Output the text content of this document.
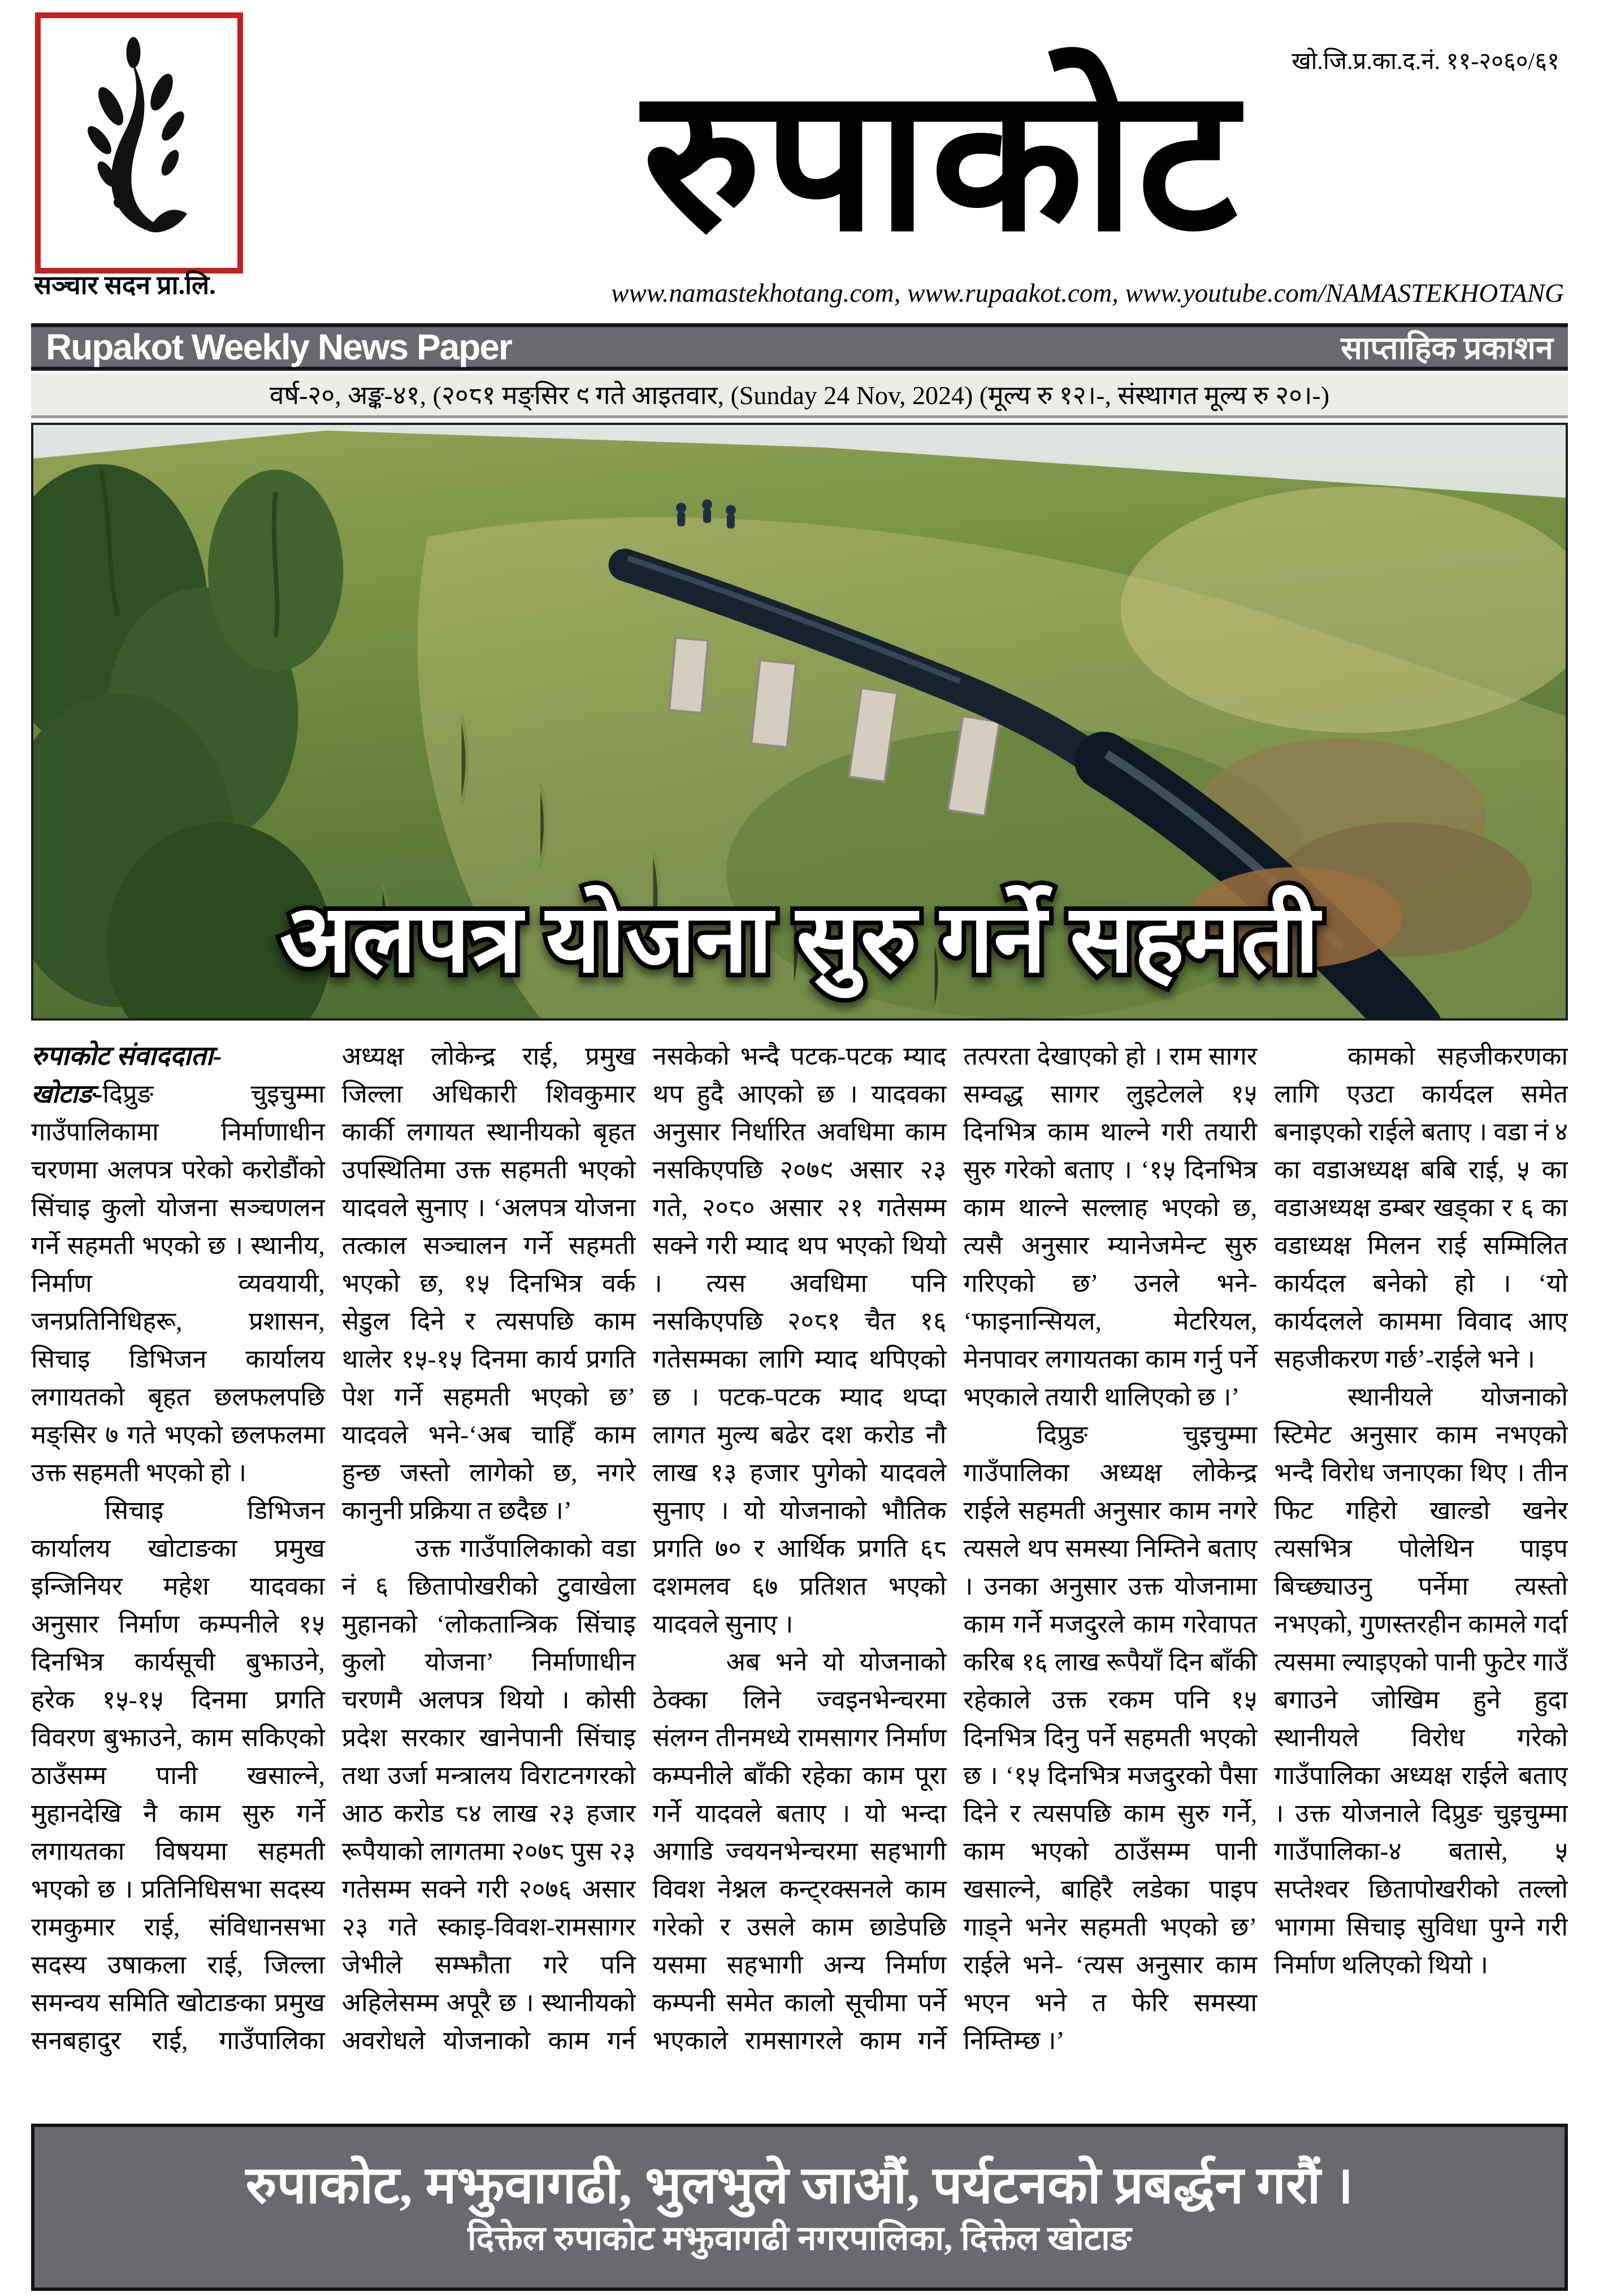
सञ्चार सदन प्रा.लि.
खो.जि.प्र.का.द.नं. ११-२०६०/६१
रुपाकोट
www.namastekhotang.com, www.rupaakot.com, www.youtube.com/NAMASTEKHOTANG
Rupakot Weekly News Paper	साप्ताहिक प्रकाशन
वर्ष-२०, अङ्क-४१, (२०८१ मङ्सिर ९ गते आइतवार, (Sunday 24 Nov, 2024) (मूल्य रु १२।-, संस्थागत मूल्य रु २०।-)
अलपत्र योजना सुरु गर्ने सहमती

रुपाकोट संवाददाता-

खोटाङ-दिप्रुङ चुइचुम्मा गाउँपालिकामा निर्माणाधीन चरणमा अलपत्र परेको करोडौंको सिंचाइ कुलो योजना सञ्चणलन गर्ने सहमती भएको छ । स्थानीय, निर्माण व्यवयायी, जनप्रतिनिधिहरू, प्रशासन, सिचाइ डिभिजन कार्यालय लगायतको बृहत छलफलपछि मङ्सिर ७ गते भएको छलफलमा उक्त सहमती भएको हो ।

सिचाइ डिभिजन कार्यालय खोटाङका प्रमुख इन्जिनियर महेश यादवका अनुसार निर्माण कम्पनीले १५ दिनभित्र कार्यसूची बुझाउने, हरेक १५-१५ दिनमा प्रगति विवरण बुझाउने, काम सकिएको ठाउँसम्म पानी खसाल्ने, मुहानदेखि नै काम सुरु गर्ने लगायतका विषयमा सहमती भएको छ । प्रतिनिधिसभा सदस्य रामकुमार राई, संविधानसभा सदस्य उषाकला राई, जिल्ला समन्वय समिति खोटाङका प्रमुख सनबहादुर राई, गाउँपालिका अध्यक्ष लोकेन्द्र राई, प्रमुख जिल्ला अधिकारी शिवकुमार कार्की लगायत स्थानीयको बृहत उपस्थितिमा उक्त सहमती भएको यादवले सुनाए । ‘अलपत्र योजना तत्काल सञ्चालन गर्ने सहमती भएको छ, १५ दिनभित्र वर्क सेडुल दिने र त्यसपछि काम थालेर १५-१५ दिनमा कार्य प्रगति पेश गर्ने सहमती भएको छ’ यादवले भने-‘अब चाहिँ काम हुन्छ जस्तो लागेको छ, नगरे कानुनी प्रक्रिया त छदैछ ।’

उक्त गाउँपालिकाको वडा नं ६ छितापोखरीको टुवाखेला मुहानको ‘लोकतान्त्रिक सिंचाइ कुलो योजना’ निर्माणाधीन चरणमै अलपत्र थियो । कोसी प्रदेश सरकार खानेपानी सिंचाइ तथा उर्जा मन्त्रालय विराटनगरको आठ करोड ८४ लाख २३ हजार रूपैयाको लागतमा २०७८ पुस २३ गतेसम्म सक्ने गरी २०७६ असार २३ गते स्काइ-विवश-रामसागर जेभीले सम्झौता गरे पनि अहिलेसम्म अपूरै छ । स्थानीयको अवरोधले योजनाको काम गर्न नसकेको भन्दै पटक-पटक म्याद थप हुदै आएको छ । यादवका अनुसार निर्धारित अवधिमा काम नसकिएपछि २०७९ असार २३ गते, २०८० असार २१ गतेसम्म सक्ने गरी म्याद थप भएको थियो । त्यस अवधिमा पनि नसकिएपछि २०८१ चैत १६ गतेसम्मका लागि म्याद थपिएको छ । पटक-पटक म्याद थप्दा लागत मुल्य बढेर दश करोड नौ लाख १३ हजार पुगेको यादवले सुनाए । यो योजनाको भौतिक प्रगति ७० र आर्थिक प्रगति ६८ दशमलव ६७ प्रतिशत भएको यादवले सुनाए ।

अब भने यो योजनाको ठेक्का लिने ज्वइनभेन्चरमा संलग्न तीनमध्ये रामसागर निर्माण कम्पनीले बाँकी रहेका काम पूरा गर्ने यादवले बताए । यो भन्दा अगाडि ज्वयनभेन्चरमा सहभागी विवश नेश्नल कन्ट्रक्सनले काम गरेको र उसले काम छाडेपछि यसमा सहभागी अन्य निर्माण कम्पनी समेत कालो सूचीमा पर्ने भएकाले रामसागरले काम गर्ने तत्परता देखाएको हो । राम सागर सम्वद्ध सागर लुइटेलले १५ दिनभित्र काम थाल्ने गरी तयारी सुरु गरेको बताए । ‘१५ दिनभित्र काम थाल्ने सल्लाह भएको छ, त्यसै अनुसार म्यानेजमेन्ट सुरु गरिएको छ’ उनले भने- ‘फाइनान्सियल, मेटरियल, मेनपावर लगायतका काम गर्नु पर्ने भएकाले तयारी थालिएको छ ।’

दिप्रुङ चुइचुम्मा गाउँपालिका अध्यक्ष लोकेन्द्र राईले सहमती अनुसार काम नगरे त्यसले थप समस्या निम्तिने बताए । उनका अनुसार उक्त योजनामा काम गर्ने मजदुरले काम गरेवापत करिब १६ लाख रूपैयाँ दिन बाँकी रहेकाले उक्त रकम पनि १५ दिनभित्र दिनु पर्ने सहमती भएको छ । ‘१५ दिनभित्र मजदुरको पैसा दिने र त्यसपछि काम सुरु गर्ने, काम भएको ठाउँसम्म पानी खसाल्ने, बाहिरै लडेका पाइप गाड्ने भनेर सहमती भएको छ’ राईले भने- ‘त्यस अनुसार काम भएन भने त फेरि समस्या निम्तिम्छ ।’

कामको सहजीकरणका लागि एउटा कार्यदल समेत बनाइएको राईले बताए । वडा नं ४ का वडाअध्यक्ष बबि राई, ५ का वडाअध्यक्ष डम्बर खड्का र ६ का वडाध्यक्ष मिलन राई सम्मिलित कार्यदल बनेको हो । ‘यो कार्यदलले काममा विवाद आए सहजीकरण गर्छ’-राईले भने ।

स्थानीयले योजनाको स्टिमेट अनुसार काम नभएको भन्दै विरोध जनाएका थिए । तीन फिट गहिरो खाल्डो खनेर त्यसभित्र पोलेथिन पाइप बिच्छ्याउनु पर्नेमा त्यस्तो नभएको, गुणस्तरहीन कामले गर्दा त्यसमा ल्याइएको पानी फुटेर गाउँ बगाउने जोखिम हुने हुदा स्थानीयले विरोध गरेको गाउँपालिका अध्यक्ष राईले बताए । उक्त योजनाले दिप्रुङ चुइचुम्मा गाउँपालिका-४ बतासे, ५ सप्तेश्वर छितापोखरीको तल्लो भागमा सिचाइ सुविधा पुग्ने गरी निर्माण थलिएको थियो ।

रुपाकोट, मझुवागढी, भुलभुले जाऔं, पर्यटनको प्रबर्द्धन गरौं ।
दिक्तेल रुपाकोट मझुवागढी नगरपालिका, दिक्तेल खोटाङ
